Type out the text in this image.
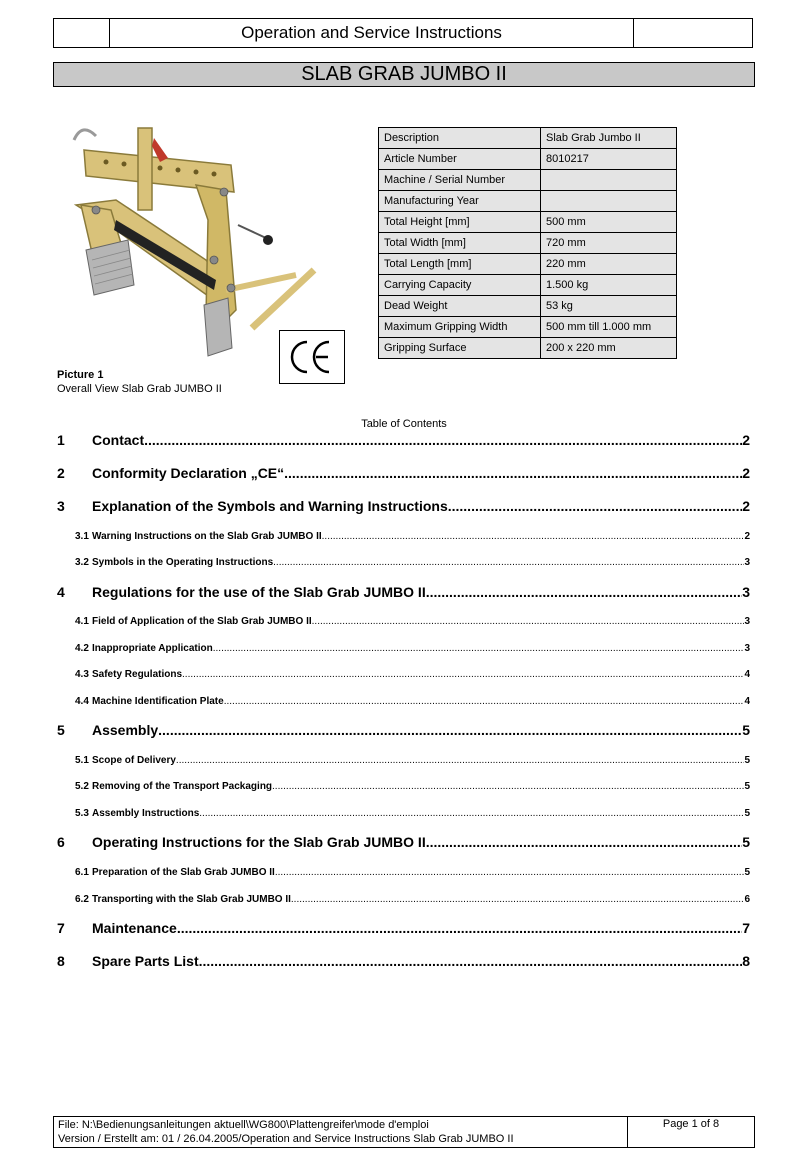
Operation and Service Instructions
SLAB GRAB JUMBO II
Picture 1
Overall View Slab Grab JUMBO II
Description	Slab Grab Jumbo II
Article Number	8010217
Machine / Serial Number	
Manufacturing Year	
Total Height [mm]	500 mm
Total Width [mm]	720 mm
Total Length [mm]	220 mm
Carrying Capacity	1.500 kg
Dead Weight	53 kg
Maximum Gripping Width	500 mm till 1.000 mm
Gripping Surface	200 x 220 mm
Table of Contents
1	Contact .....	2
2	Conformity Declaration „CE“ .....	2
3	Explanation of the Symbols and Warning Instructions .....	2
3.1 Warning Instructions on the Slab Grab JUMBO II .....	2
3.2 Symbols in the Operating Instructions .....	3
4	Regulations for the use of the Slab Grab JUMBO II .....	3
4.1 Field of Application of the Slab Grab JUMBO II .....	3
4.2 Inappropriate Application .....	3
4.3 Safety Regulations .....	4
4.4 Machine Identification Plate .....	4
5	Assembly .....	5
5.1 Scope of Delivery .....	5
5.2 Removing of the Transport Packaging .....	5
5.3 Assembly Instructions .....	5
6	Operating Instructions for the Slab Grab JUMBO II .....	5
6.1 Preparation of the Slab Grab JUMBO II .....	5
6.2 Transporting with the Slab Grab JUMBO II .....	6
7	Maintenance .....	7
8	Spare Parts List .....	8
File: N:\Bedienungsanleitungen aktuell\WG800\Plattengreifer\mode d'emploi
Version / Erstellt am: 01 / 26.04.2005/Operation and Service Instructions Slab Grab JUMBO II
Page 1 of 8
